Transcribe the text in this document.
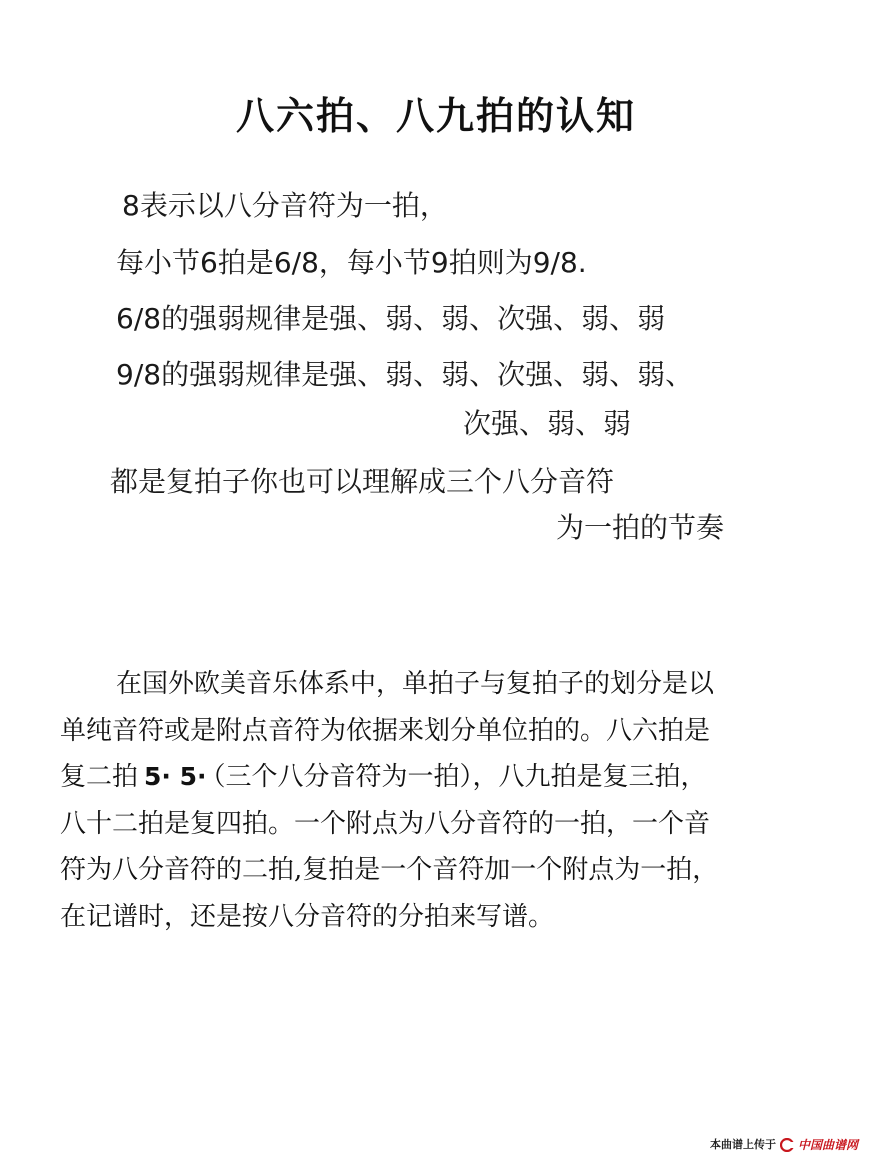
八六拍、八九拍的认知

8表示以八分音符为一拍，

每小节6拍是6/8，每小节9拍则为9/8.

6/8的强弱规律是强、弱、弱、次强、弱、弱

9/8的强弱规律是强、弱、弱、次强、弱、弱、

次强、弱、弱

都是复拍子你也可以理解成三个八分音符

为一拍的节奏

在国外欧美音乐体系中，单拍子与复拍子的划分是以
单纯音符或是附点音符为依据来划分单位拍的。八六拍是
复二拍 5· 5· （三个八分音符为一拍），八九拍是复三拍，
八十二拍是复四拍。一个附点为八分音符的一拍，一个音
符为八分音符的二拍,复拍是一个音符加一个附点为一拍，
在记谱时，还是按八分音符的分拍来写谱。
本曲谱上传于 中国曲谱网
